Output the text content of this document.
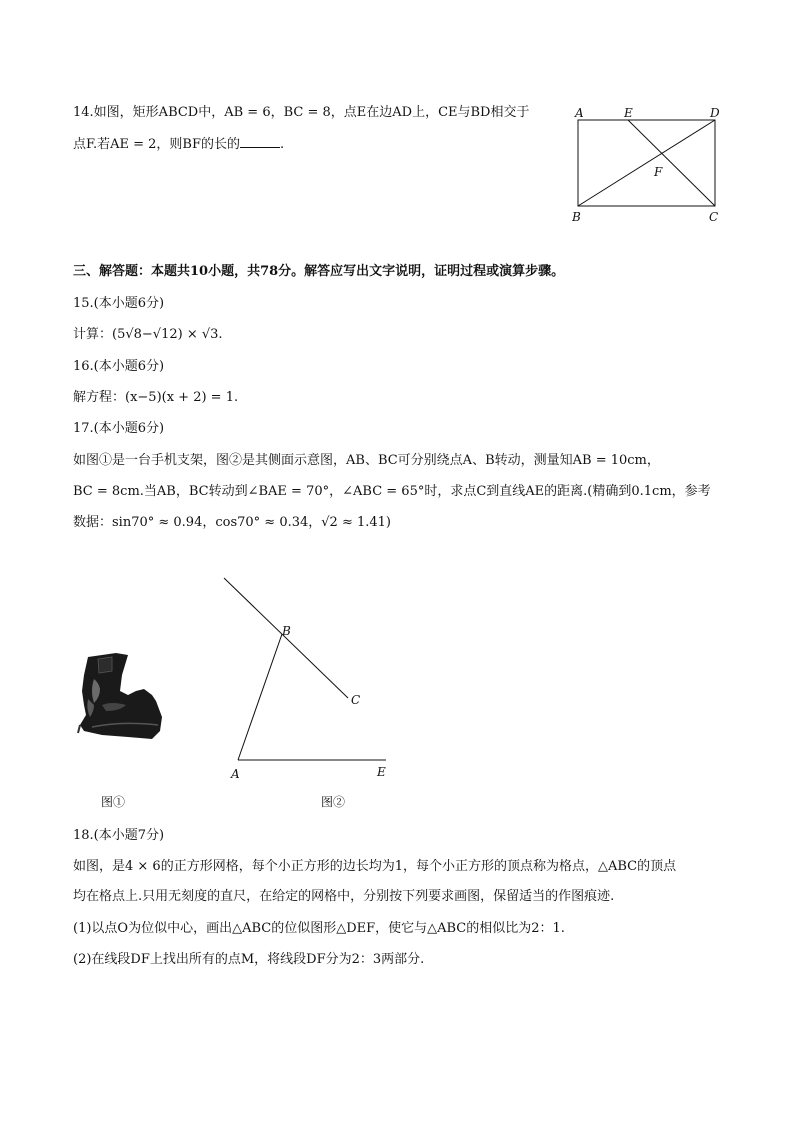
14.如图，矩形ABCD中，AB = 6，BC = 8，点E在边AD上，CE与BD相交于
点F.若AE = 2，则BF的长的	.
A	E	D
F
B	C
三、解答题：本题共10小题，共78分。解答应写出文字说明，证明过程或演算步骤。
15.(本小题6分)
计算：(5√8−√12) × √3.
16.(本小题6分)
解方程：(x−5)(x + 2) = 1.
17.(本小题6分)
如图①是一台手机支架，图②是其侧面示意图，AB、BC可分别绕点A、B转动，测量知AB = 10cm，
BC = 8cm.当AB，BC转动到∠BAE = 70°，∠ABC = 65°时，求点C到直线AE的距离.(精确到0.1cm，参考
数据：sin70° ≈ 0.94，cos70° ≈ 0.34，√2 ≈ 1.41)
图①
B
C
A	E
图②
18.(本小题7分)
如图，是4 × 6的正方形网格，每个小正方形的边长均为1，每个小正方形的顶点称为格点，△ABC的顶点
均在格点上.只用无刻度的直尺，在给定的网格中，分别按下列要求画图，保留适当的作图痕迹.
(1)以点O为位似中心，画出△ABC的位似图形△DEF，使它与△ABC的相似比为2：1.
(2)在线段DF上找出所有的点M，将线段DF分为2：3两部分.
